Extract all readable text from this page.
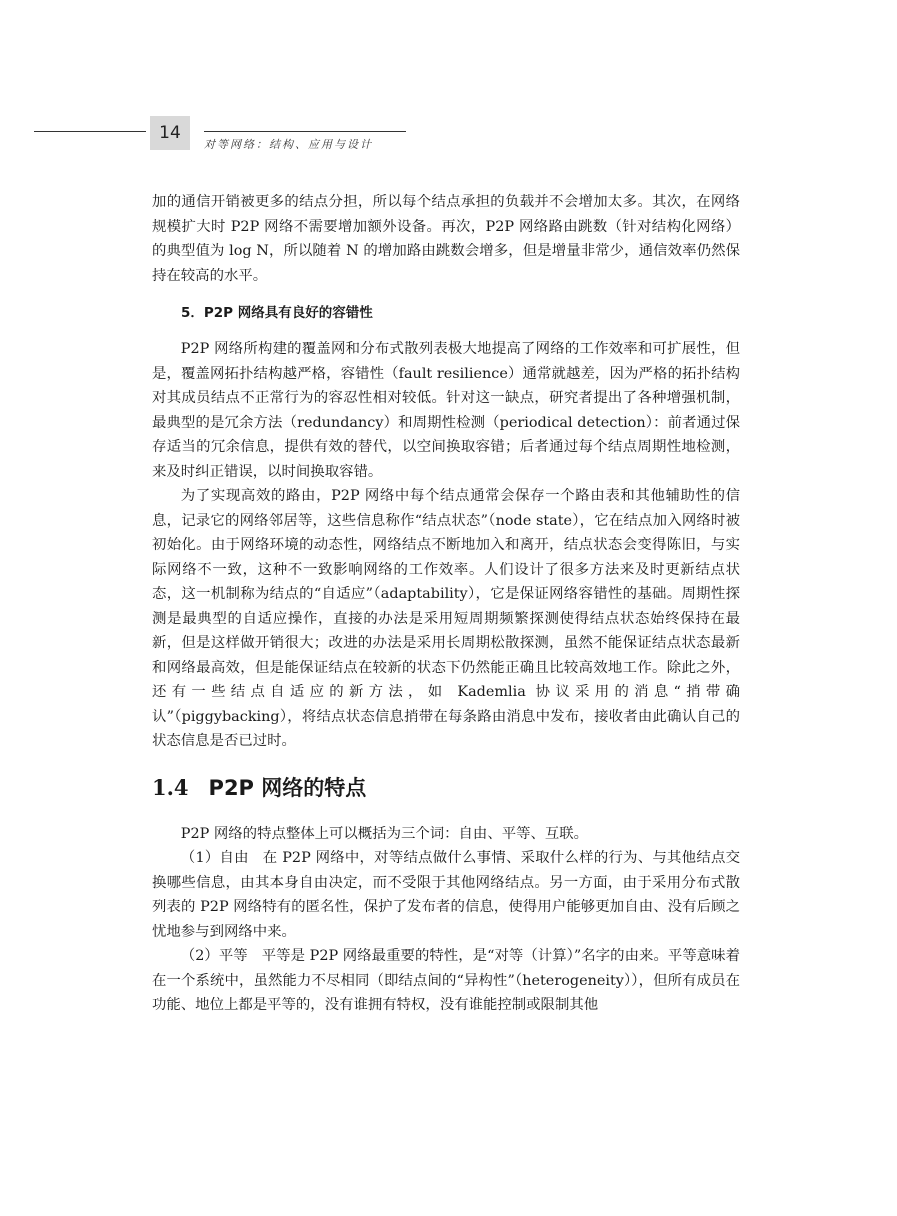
14
对等网络：结构、应用与设计

加的通信开销被更多的结点分担，所以每个结点承担的负载并不会增加太多。其次，在网络规模扩大时 P2P 网络不需要增加额外设备。再次，P2P 网络路由跳数（针对结构化网络）的典型值为 log N，所以随着 N 的增加路由跳数会增多，但是增量非常少，通信效率仍然保持在较高的水平。

5．P2P 网络具有良好的容错性

P2P 网络所构建的覆盖网和分布式散列表极大地提高了网络的工作效率和可扩展性，但是，覆盖网拓扑结构越严格，容错性（fault resilience）通常就越差，因为严格的拓扑结构对其成员结点不正常行为的容忍性相对较低。针对这一缺点，研究者提出了各种增强机制，最典型的是冗余方法（redundancy）和周期性检测（periodical detection）：前者通过保存适当的冗余信息，提供有效的替代，以空间换取容错；后者通过每个结点周期性地检测，来及时纠正错误，以时间换取容错。

为了实现高效的路由，P2P 网络中每个结点通常会保存一个路由表和其他辅助性的信息，记录它的网络邻居等，这些信息称作“结点状态”（node state），它在结点加入网络时被初始化。由于网络环境的动态性，网络结点不断地加入和离开，结点状态会变得陈旧，与实际网络不一致，这种不一致影响网络的工作效率。人们设计了很多方法来及时更新结点状态，这一机制称为结点的“自适应”（adaptability），它是保证网络容错性的基础。周期性探测是最典型的自适应操作，直接的办法是采用短周期频繁探测使得结点状态始终保持在最新，但是这样做开销很大；改进的办法是采用长周期松散探测，虽然不能保证结点状态最新和网络最高效，但是能保证结点在较新的状态下仍然能正确且比较高效地工作。除此之外，还有一些结点自适应的新方法，如 Kademlia 协议采用的消息“捎带确认”（piggybacking），将结点状态信息捎带在每条路由消息中发布，接收者由此确认自己的状态信息是否已过时。

1.4 P2P 网络的特点

P2P 网络的特点整体上可以概括为三个词：自由、平等、互联。

（1）自由 在 P2P 网络中，对等结点做什么事情、采取什么样的行为、与其他结点交换哪些信息，由其本身自由决定，而不受限于其他网络结点。另一方面，由于采用分布式散列表的 P2P 网络特有的匿名性，保护了发布者的信息，使得用户能够更加自由、没有后顾之忧地参与到网络中来。

（2）平等 平等是 P2P 网络最重要的特性，是“对等（计算）”名字的由来。平等意味着在一个系统中，虽然能力不尽相同（即结点间的“异构性”（heterogeneity）），但所有成员在功能、地位上都是平等的，没有谁拥有特权，没有谁能控制或限制其他
